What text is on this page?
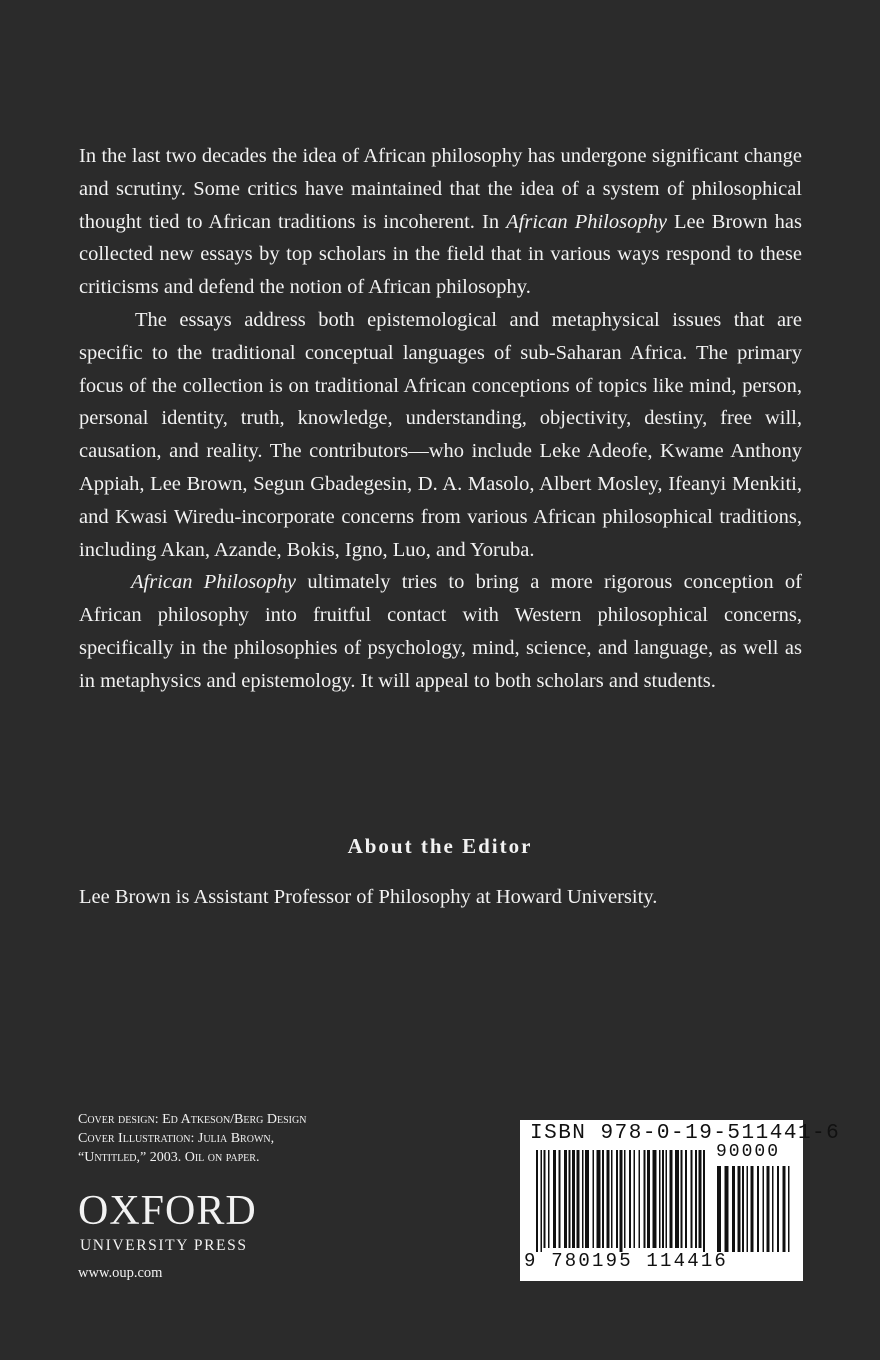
In the last two decades the idea of African philosophy has undergone significant change and scrutiny. Some critics have maintained that the idea of a system of philosophical thought tied to African traditions is incoherent. In African Philosophy Lee Brown has collected new essays by top scholars in the field that in various ways respond to these criticisms and defend the notion of African philosophy.

The essays address both epistemological and metaphysical issues that are specific to the traditional conceptual languages of sub-Saharan Africa. The primary focus of the collection is on traditional African conceptions of topics like mind, person, personal identity, truth, knowledge, understanding, objectivity, destiny, free will, causation, and reality. The contributors—who include Leke Adeofe, Kwame Anthony Appiah, Lee Brown, Segun Gbadegesin, D. A. Masolo, Albert Mosley, Ifeanyi Menkiti, and Kwasi Wiredu-incorporate concerns from various African philosophical traditions, including Akan, Azande, Bokis, Igno, Luo, and Yoruba.

African Philosophy ultimately tries to bring a more rigorous conception of African philosophy into fruitful contact with Western philosophical concerns, specifically in the philosophies of psychology, mind, science, and language, as well as in metaphysics and epistemology. It will appeal to both scholars and students.

About the Editor

Lee Brown is Assistant Professor of Philosophy at Howard University.

Cover design: Ed Atkeson/Berg Design
Cover Illustration: Julia Brown,
“Untitled,” 2003. Oil on paper.
OXFORD
UNIVERSITY PRESS
www.oup.com
ISBN 978-0-19-511441-6
90000
9 780195 114416
